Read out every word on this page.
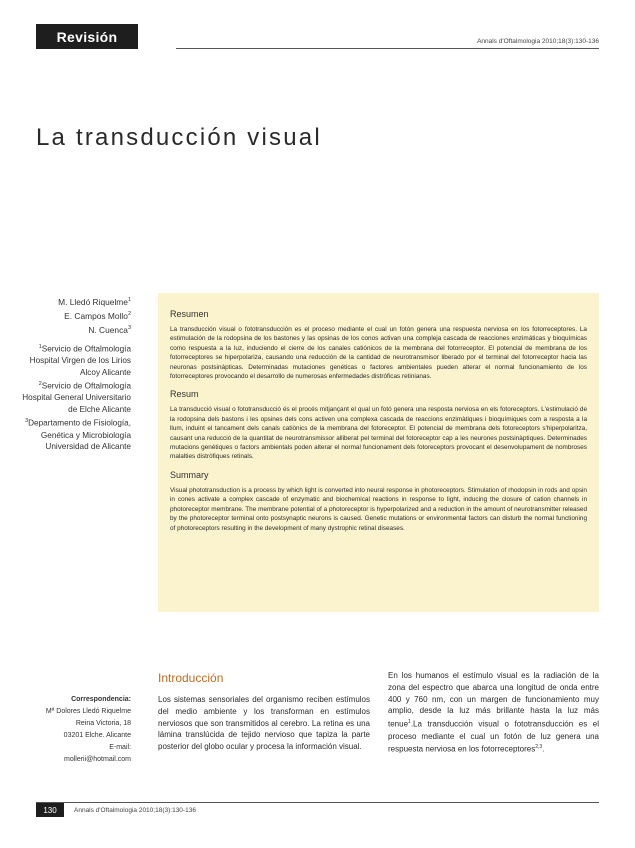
Revisión	Annals d'Oftalmologia 2010;18(3):130-136
La transducción visual
M. Lledó Riquelme$^1$
E. Campos Mollo$^2$
N. Cuenca$^3$
$^1$Servicio de Oftalmología Hospital Virgen de los Lirios Alcoy Alicante
$^2$Servicio de Oftalmología Hospital General Universitario de Elche Alicante
$^3$Departamento de Fisiología, Genética y Microbiología Universidad de Alicante
Resumen

La transducción visual o fototransducción es el proceso mediante el cual un fotón genera una respuesta nerviosa en los fotorreceptores. La estimulación de la rodopsina de los bastones y las opsinas de los conos activan una compleja cascada de reacciones enzimáticas y bioquímicas como respuesta a la luz, induciendo el cierre de los canales catiónicos de la membrana del fotorreceptor. El potencial de membrana de los fotorreceptores se hiperpolariza, causando una reducción de la cantidad de neurotransmisor liberado por el terminal del fotorreceptor hacia las neuronas postsinápticas. Determinadas mutaciones genéticas o factores ambientales pueden alterar el normal funcionamiento de los fotorreceptores provocando el desarrollo de numerosas enfermedades distróficas retinianas.

Resum

La transducció visual o fototransducció és el procés mitjançant el qual un fotó genera una resposta nerviosa en els fotoreceptors. L'estimulació de la rodopsina dels bastons i les opsines dels cons activen una complexa cascada de reaccions enzimàtiques i bioquímiques com a resposta a la llum, induint el tancament dels canals catiònics de la membrana del fotoreceptor. El potencial de membrana dels fotoreceptors s'hiperpolaritza, causant una reducció de la quantitat de neurotransmissor alliberat pel terminal del fotoreceptor cap a les neurones postsinàptiques. Determinades mutacions genètiques o factors ambientals poden alterar el normal funcionament dels fotoreceptors provocant el desenvolupament de nombroses malalties distròfiques retinals.

Summary

Visual phototransduction is a process by which light is converted into neural response in photoreceptors. Stimulation of rhodopsin in rods and opsin in cones activate a complex cascade of enzymatic and biochemical reactions in response to light, inducing the closure of cation channels in photoreceptor membrane. The membrane potential of a photoreceptor is hyperpolarized and a reduction in the amount of neurotransmitter released by the photoreceptor terminal onto postsynaptic neurons is caused. Genetic mutations or environmental factors can disturb the normal functioning of photoreceptors resulting in the development of many dystrophic retinal diseases.

Correspondencia:
Mª Dolores Lledó Riquelme
Reina Victoria, 18
03201 Elche. Alicante
E-mail:
mollerii@hotmail.com
Introducción
Los sistemas sensoriales del organismo reciben estímulos del medio ambiente y los transforman en estímulos nerviosos que son transmitidos al cerebro. La retina es una lámina translúcida de tejido nervioso que tapiza la parte posterior del globo ocular y procesa la información visual.
En los humanos el estímulo visual es la radiación de la zona del espectro que abarca una longitud de onda entre 400 y 760 nm, con un margen de funcionamiento muy amplio, desde la luz más brillante hasta la luz más tenue$^1$.La transducción visual o fototransducción es el proceso mediante el cual un fotón de luz genera una respuesta nerviosa en los fotorreceptores$^{2,3}$.
130	Annals d'Oftalmologia 2010;18(3):130-136
